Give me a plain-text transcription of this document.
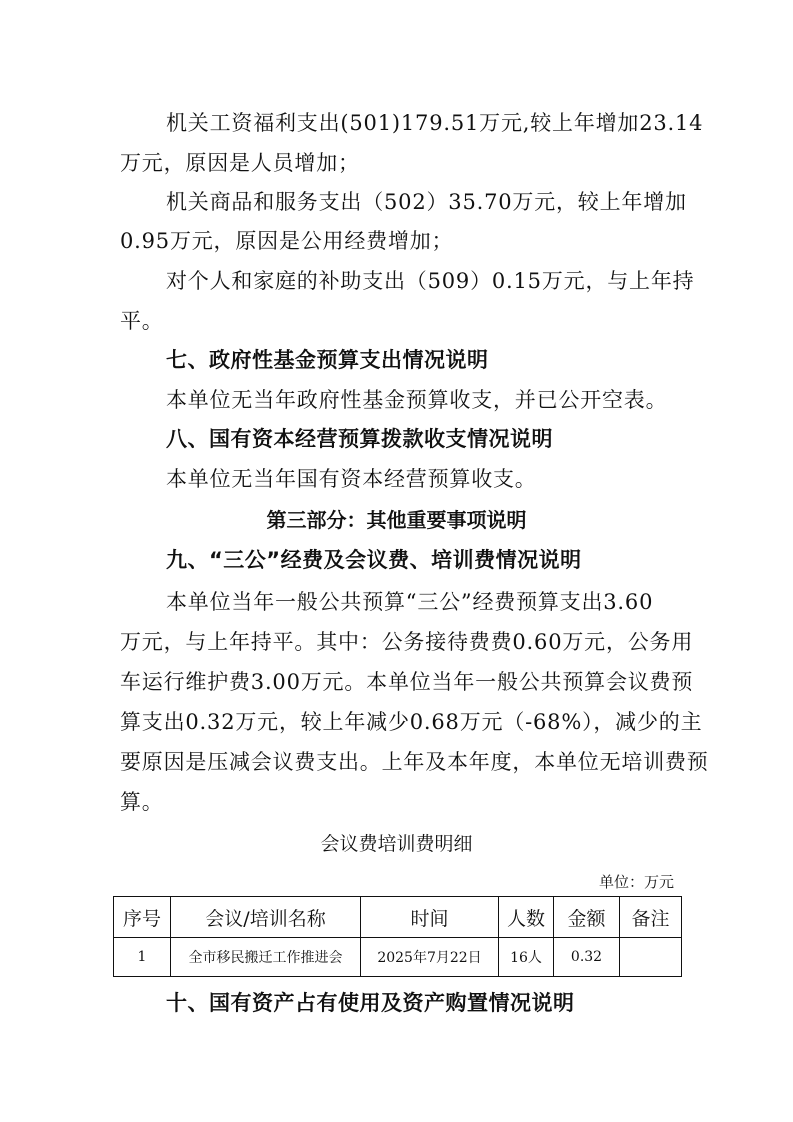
机关工资福利支出(501)179.51万元,较上年增加23.14
万元，原因是人员增加；
机关商品和服务支出（502）35.70万元，较上年增加
0.95万元，原因是公用经费增加；
对个人和家庭的补助支出（509）0.15万元，与上年持
平。
七、政府性基金预算支出情况说明
本单位无当年政府性基金预算收支，并已公开空表。
八、国有资本经营预算拨款收支情况说明
本单位无当年国有资本经营预算收支。
第三部分：其他重要事项说明
九、“三公”经费及会议费、培训费情况说明
本单位当年一般公共预算“三公”经费预算支出3.60
万元，与上年持平。其中：公务接待费费0.60万元，公务用
车运行维护费3.00万元。本单位当年一般公共预算会议费预
算支出0.32万元，较上年减少0.68万元（-68%），减少的主
要原因是压减会议费支出。上年及本年度，本单位无培训费预
算。
会议费培训费明细
单位：万元
序号	会议/培训名称	时间	人数	金额	备注
1	全市移民搬迁工作推进会	2025年7月22日	16人	0.32	
十、国有资产占有使用及资产购置情况说明
